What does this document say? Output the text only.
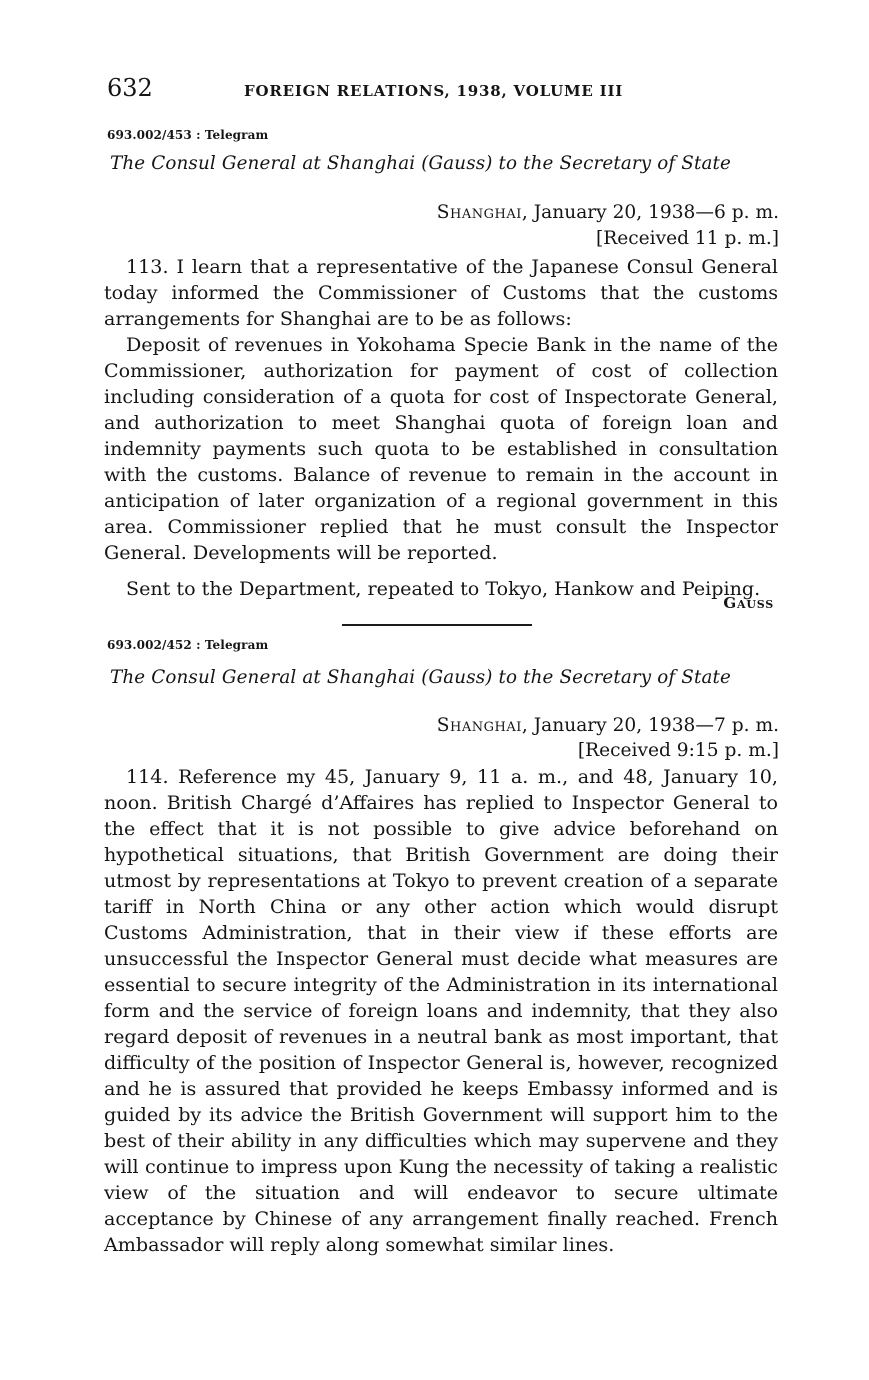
632	FOREIGN RELATIONS, 1938, VOLUME III
693.002/453 : Telegram
The Consul General at Shanghai (Gauss) to the Secretary of State
Shanghai, January 20, 1938—6 p. m.
[Received 11 p. m.]

113. I learn that a representative of the Japanese Consul General today informed the Commissioner of Customs that the customs arrangements for Shanghai are to be as follows:

Deposit of revenues in Yokohama Specie Bank in the name of the Commissioner, authorization for payment of cost of collection including consideration of a quota for cost of Inspectorate General, and authorization to meet Shanghai quota of foreign loan and indemnity payments such quota to be established in consultation with the customs. Balance of revenue to remain in the account in anticipation of later organization of a regional government in this area. Commissioner replied that he must consult the Inspector General. Developments will be reported.

Sent to the Department, repeated to Tokyo, Hankow and Peiping.

Gauss
693.002/452 : Telegram
The Consul General at Shanghai (Gauss) to the Secretary of State
Shanghai, January 20, 1938—7 p. m.
[Received 9:15 p. m.]

114. Reference my 45, January 9, 11 a. m., and 48, January 10, noon. British Chargé d’Affaires has replied to Inspector General to the effect that it is not possible to give advice beforehand on hypothetical situations, that British Government are doing their utmost by representations at Tokyo to prevent creation of a separate tariff in North China or any other action which would disrupt Customs Administration, that in their view if these efforts are unsuccessful the Inspector General must decide what measures are essential to secure integrity of the Administration in its international form and the service of foreign loans and indemnity, that they also regard deposit of revenues in a neutral bank as most important, that difficulty of the position of Inspector General is, however, recognized and he is assured that provided he keeps Embassy informed and is guided by its advice the British Government will support him to the best of their ability in any difficulties which may supervene and they will continue to impress upon Kung the necessity of taking a realistic view of the situation and will endeavor to secure ultimate acceptance by Chinese of any arrangement finally reached. French Ambassador will reply along somewhat similar lines.
